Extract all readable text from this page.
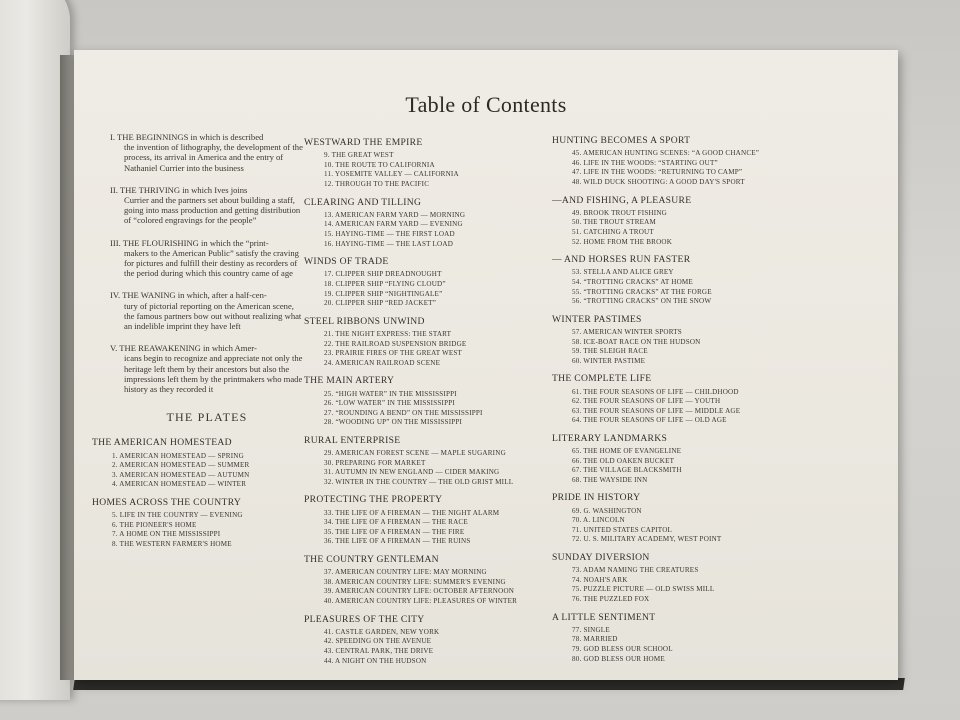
Table of Contents
I. THE BEGINNINGS in which is described
the invention of lithography, the development of the process, its arrival in America and the entry of Nathaniel Currier into the business
II. THE THRIVING in which Ives joins
Currier and the partners set about building a staff, going into mass production and getting distribution of “colored engravings for the people”
III. THE FLOURISHING in which the “print-
makers to the American Public” satisfy the craving for pictures and fulfill their destiny as recorders of the period during which this country came of age
IV. THE WANING in which, after a half-cen-
tury of pictorial reporting on the American scene, the famous partners bow out without realizing what an indelible imprint they have left
V. THE REAWAKENING in which Amer-
icans begin to recognize and appreciate not only the heritage left them by their ancestors but also the impressions left them by the printmakers who made history as they recorded it
THE PLATES
THE AMERICAN HOMESTEAD
1. AMERICAN HOMESTEAD — SPRING
2. AMERICAN HOMESTEAD — SUMMER
3. AMERICAN HOMESTEAD — AUTUMN
4. AMERICAN HOMESTEAD — WINTER
HOMES ACROSS THE COUNTRY
5. LIFE IN THE COUNTRY — EVENING
6. THE PIONEER'S HOME
7. A HOME ON THE MISSISSIPPI
8. THE WESTERN FARMER'S HOME
WESTWARD THE EMPIRE
9. THE GREAT WEST
10. THE ROUTE TO CALIFORNIA
11. YOSEMITE VALLEY — CALIFORNIA
12. THROUGH TO THE PACIFIC
CLEARING AND TILLING
13. AMERICAN FARM YARD — MORNING
14. AMERICAN FARM YARD — EVENING
15. HAYING-TIME — THE FIRST LOAD
16. HAYING-TIME — THE LAST LOAD
WINDS OF TRADE
17. CLIPPER SHIP DREADNOUGHT
18. CLIPPER SHIP “FLYING CLOUD”
19. CLIPPER SHIP “NIGHTINGALE”
20. CLIPPER SHIP “RED JACKET”
STEEL RIBBONS UNWIND
21. THE NIGHT EXPRESS: THE START
22. THE RAILROAD SUSPENSION BRIDGE
23. PRAIRIE FIRES OF THE GREAT WEST
24. AMERICAN RAILROAD SCENE
THE MAIN ARTERY
25. “HIGH WATER” IN THE MISSISSIPPI
26. “LOW WATER” IN THE MISSISSIPPI
27. “ROUNDING A BEND” ON THE MISSISSIPPI
28. “WOODING UP” ON THE MISSISSIPPI
RURAL ENTERPRISE
29. AMERICAN FOREST SCENE — MAPLE SUGARING
30. PREPARING FOR MARKET
31. AUTUMN IN NEW ENGLAND — CIDER MAKING
32. WINTER IN THE COUNTRY — THE OLD GRIST MILL
PROTECTING THE PROPERTY
33. THE LIFE OF A FIREMAN — THE NIGHT ALARM
34. THE LIFE OF A FIREMAN — THE RACE
35. THE LIFE OF A FIREMAN — THE FIRE
36. THE LIFE OF A FIREMAN — THE RUINS
THE COUNTRY GENTLEMAN
37. AMERICAN COUNTRY LIFE: MAY MORNING
38. AMERICAN COUNTRY LIFE: SUMMER'S EVENING
39. AMERICAN COUNTRY LIFE: OCTOBER AFTERNOON
40. AMERICAN COUNTRY LIFE: PLEASURES OF WINTER
PLEASURES OF THE CITY
41. CASTLE GARDEN, NEW YORK
42. SPEEDING ON THE AVENUE
43. CENTRAL PARK, THE DRIVE
44. A NIGHT ON THE HUDSON
HUNTING BECOMES A SPORT
45. AMERICAN HUNTING SCENES: “A GOOD CHANCE”
46. LIFE IN THE WOODS: “STARTING OUT”
47. LIFE IN THE WOODS: “RETURNING TO CAMP”
48. WILD DUCK SHOOTING: A GOOD DAY'S SPORT
—AND FISHING, A PLEASURE
49. BROOK TROUT FISHING
50. THE TROUT STREAM
51. CATCHING A TROUT
52. HOME FROM THE BROOK
— AND HORSES RUN FASTER
53. STELLA AND ALICE GREY
54. “TROTTING CRACKS” AT HOME
55. “TROTTING CRACKS” AT THE FORGE
56. “TROTTING CRACKS” ON THE SNOW
WINTER PASTIMES
57. AMERICAN WINTER SPORTS
58. ICE-BOAT RACE ON THE HUDSON
59. THE SLEIGH RACE
60. WINTER PASTIME
THE COMPLETE LIFE
61. THE FOUR SEASONS OF LIFE — CHILDHOOD
62. THE FOUR SEASONS OF LIFE — YOUTH
63. THE FOUR SEASONS OF LIFE — MIDDLE AGE
64. THE FOUR SEASONS OF LIFE — OLD AGE
LITERARY LANDMARKS
65. THE HOME OF EVANGELINE
66. THE OLD OAKEN BUCKET
67. THE VILLAGE BLACKSMITH
68. THE WAYSIDE INN
PRIDE IN HISTORY
69. G. WASHINGTON
70. A. LINCOLN
71. UNITED STATES CAPITOL
72. U. S. MILITARY ACADEMY, WEST POINT
SUNDAY DIVERSION
73. ADAM NAMING THE CREATURES
74. NOAH'S ARK
75. PUZZLE PICTURE — OLD SWISS MILL
76. THE PUZZLED FOX
A LITTLE SENTIMENT
77. SINGLE
78. MARRIED
79. GOD BLESS OUR SCHOOL
80. GOD BLESS OUR HOME
